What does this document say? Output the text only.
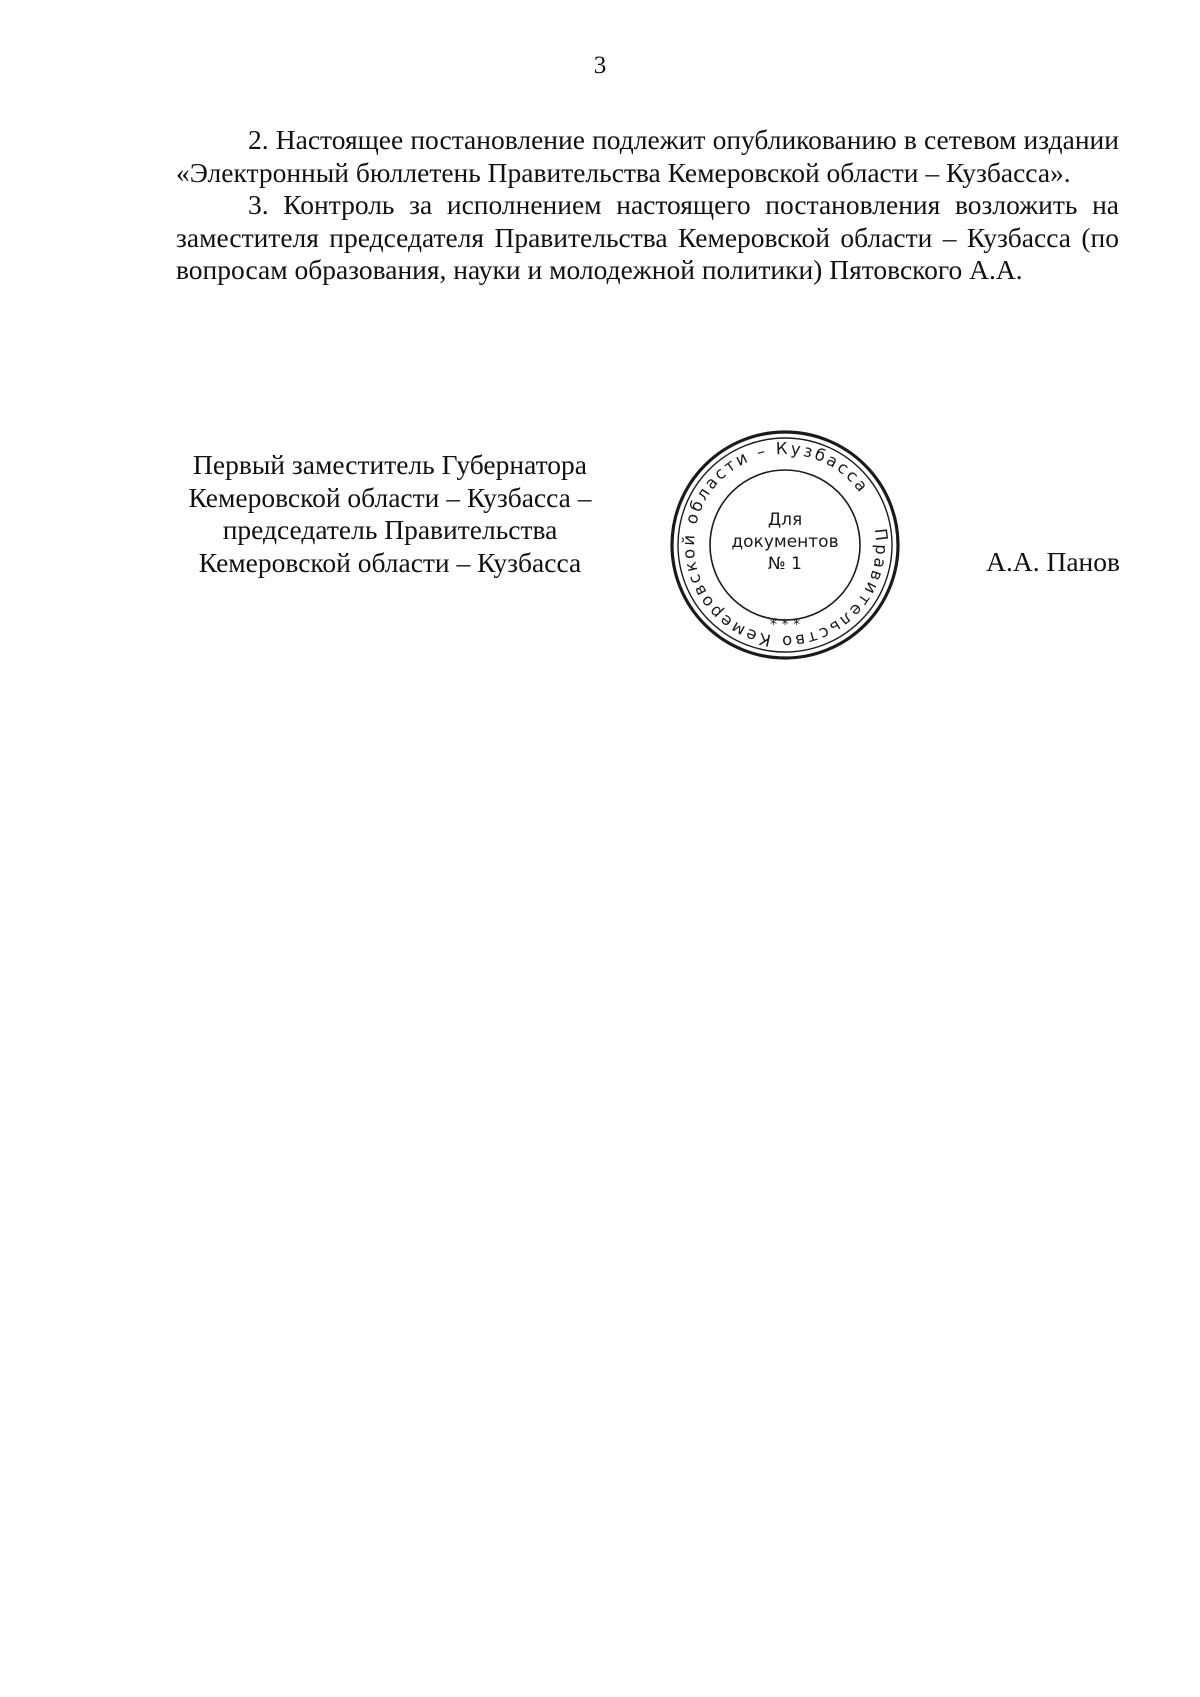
3

2. Настоящее постановление подлежит опубликованию в сетевом издании «Электронный бюллетень Правительства Кемеровской области – Кузбасса».

3. Контроль за исполнением настоящего постановления возложить на заместителя председателя Правительства Кемеровской области – Кузбасса (по вопросам образования, науки и молодежной политики) Пятовского А.А.

Первый заместитель Губернатора
Кемеровской области – Кузбасса –
председатель Правительства
Кемеровской области – Кузбасса
Правительство Кемеровской области – Кузбасса
Для
документов
№ 1
* * *
А.А. Панов
